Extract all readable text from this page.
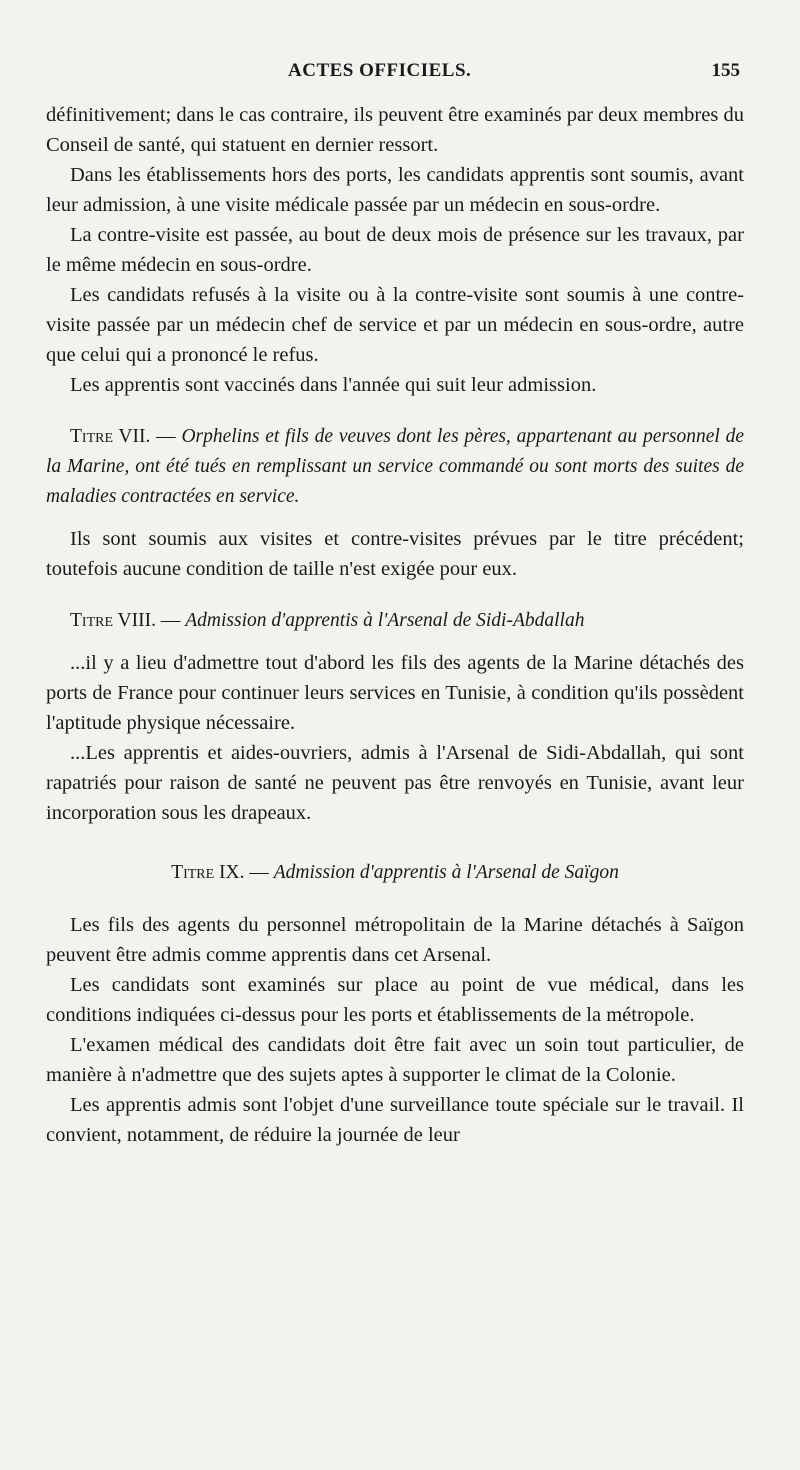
ACTES OFFICIELS.	155

définitivement; dans le cas contraire, ils peuvent être examinés par deux membres du Conseil de santé, qui statuent en dernier ressort.

Dans les établissements hors des ports, les candidats apprentis sont soumis, avant leur admission, à une visite médicale passée par un médecin en sous-ordre.

La contre-visite est passée, au bout de deux mois de présence sur les travaux, par le même médecin en sous-ordre.

Les candidats refusés à la visite ou à la contre-visite sont soumis à une contre-visite passée par un médecin chef de service et par un médecin en sous-ordre, autre que celui qui a prononcé le refus.

Les apprentis sont vaccinés dans l'année qui suit leur admission.

Titre VII. — Orphelins et fils de veuves dont les pères, appartenant au personnel de la Marine, ont été tués en remplissant un service commandé ou sont morts des suites de maladies contractées en service.

Ils sont soumis aux visites et contre-visites prévues par le titre précédent; toutefois aucune condition de taille n'est exigée pour eux.

Titre VIII. — Admission d'apprentis à l'Arsenal de Sidi-Abdallah

...il y a lieu d'admettre tout d'abord les fils des agents de la Marine détachés des ports de France pour continuer leurs services en Tunisie, à condition qu'ils possèdent l'aptitude physique nécessaire.

...Les apprentis et aides-ouvriers, admis à l'Arsenal de Sidi-Abdallah, qui sont rapatriés pour raison de santé ne peuvent pas être renvoyés en Tunisie, avant leur incorporation sous les drapeaux.

Titre IX. — Admission d'apprentis à l'Arsenal de Saïgon

Les fils des agents du personnel métropolitain de la Marine détachés à Saïgon peuvent être admis comme apprentis dans cet Arsenal.

Les candidats sont examinés sur place au point de vue médical, dans les conditions indiquées ci-dessus pour les ports et établissements de la métropole.

L'examen médical des candidats doit être fait avec un soin tout particulier, de manière à n'admettre que des sujets aptes à supporter le climat de la Colonie.

Les apprentis admis sont l'objet d'une surveillance toute spéciale sur le travail. Il convient, notamment, de réduire la journée de leur
